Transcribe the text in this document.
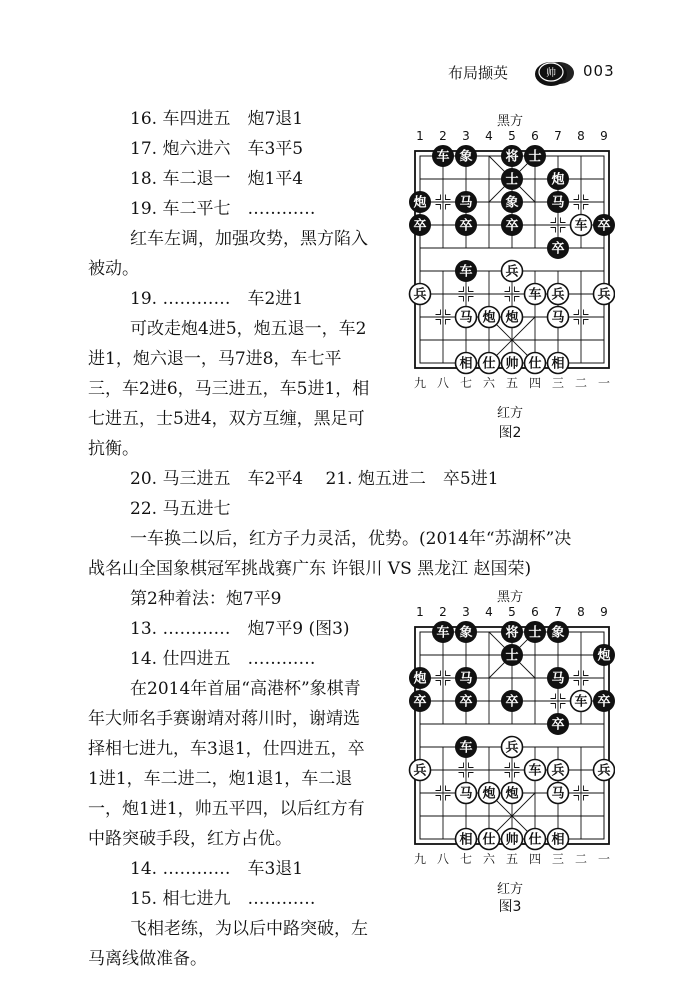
布局撷英	帅 003
16. 车四进五　炮7退1
17. 炮六进六　车3平5
18. 车二退一　炮1平4
19. 车二平七　…………
红车左调，加强攻势，黑方陷入
被动。
19. …………　车2进1
可改走炮4进5，炮五退一，车2
进1，炮六退一，马7进8，车七平
三，车2进6，马三进五，车5进1，相
七进五，士5进4，双方互缠，黑足可
抗衡。
20. 马三进五　车2平4　 21. 炮五进二　卒5进1
22. 马五进七
一车换二以后，红方子力灵活，优势。(2014年“苏湖杯”决
战名山全国象棋冠军挑战赛广东 许银川 VS 黑龙江 赵国荣)
第2种着法：炮7平9
13. …………　炮7平9 (图3)
14. 仕四进五　…………
在2014年首届“高港杯”象棋青
年大师名手赛谢靖对蒋川时，谢靖选
择相七进九，车3退1，仕四进五，卒
1进1，车二进二，炮1退1，车二退
一，炮1进1，帅五平四，以后红方有
中路突破手段，红方占优。
14. …………　车3退1
15. 相七进九　…………
飞相老练，为以后中路突破，左
马离线做准备。
黑方
1 2 3 4 5 6 7 8 9
九 八 七 六 五 四 三 二 一
车 象	将 士
士	炮
炮	马	象	马
卒	卒	卒	车 卒
卒
车	兵
兵	车 兵	兵
马 炮 炮	马
相 仕 帅 仕 相
红方
图2
黑方
1 2 3 4 5 6 7 8 9
九 八 七 六 五 四 三 二 一
车 象	将 士 象
士	炮
炮	马	马
卒	卒	卒	车 卒
卒
车	兵
兵	车 兵	兵
马 炮 炮	马
相 仕 帅 仕 相
红方
图3
